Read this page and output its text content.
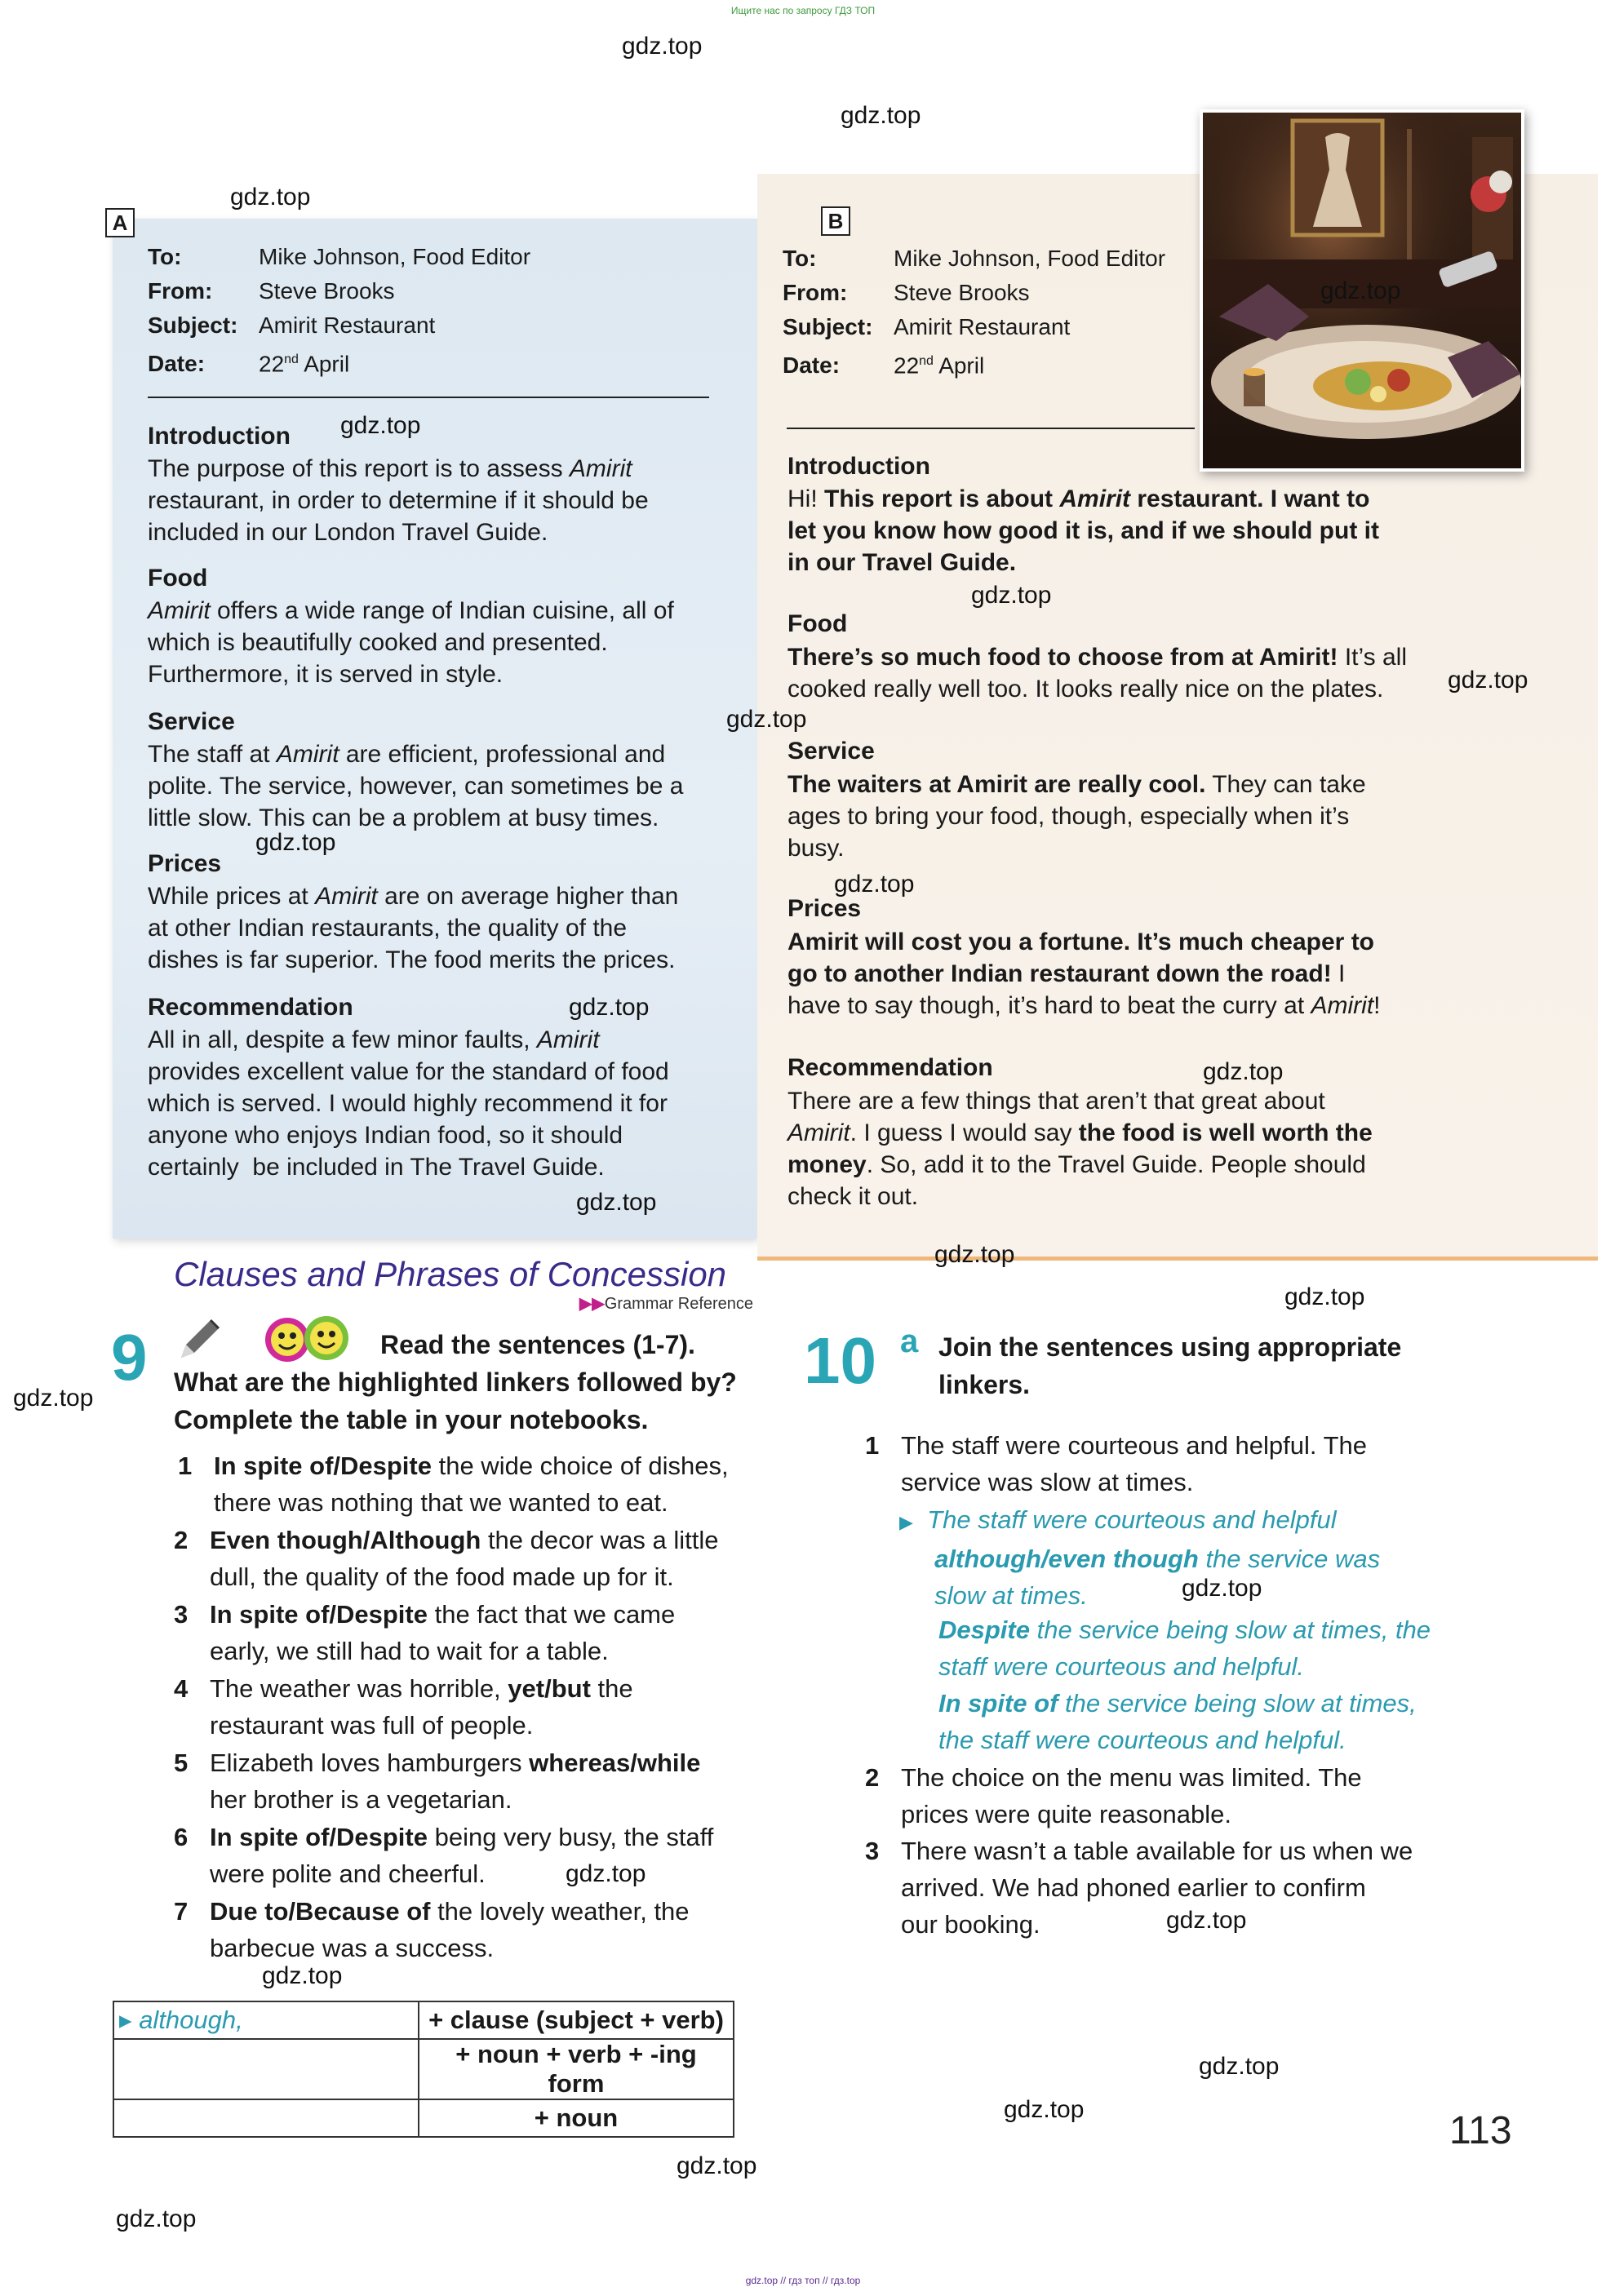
Ищите нас по запросу ГДЗ ТОП
A
To:	Mike Johnson, Food Editor
From: Steve Brooks
Subject: Amirit Restaurant
Date: 22nd April
Introduction
The purpose of this report is to assess Amirit
restaurant, in order to determine if it should be
included in our London Travel Guide.
Food
Amirit offers a wide range of Indian cuisine, all of
which is beautifully cooked and presented.
Furthermore, it is served in style.
Service
The staff at Amirit are efficient, professional and
polite. The service, however, can sometimes be a
little slow. This can be a problem at busy times.
Prices
While prices at Amirit are on average higher than
at other Indian restaurants, the quality of the
dishes is far superior. The food merits the prices.
Recommendation
All in all, despite a few minor faults, Amirit
provides excellent value for the standard of food
which is served. I would highly recommend it for
anyone who enjoys Indian food, so it should
certainly  be included in The Travel Guide.
B
To:	Mike Johnson, Food Editor
From: Steve Brooks
Subject: Amirit Restaurant
Date: 22nd April
Introduction
Hi! This report is about Amirit restaurant. I want to
let you know how good it is, and if we should put it
in our Travel Guide.
Food
There’s so much food to choose from at Amirit! It’s all
cooked really well too. It looks really nice on the plates.
Service
The waiters at Amirit are really cool. They can take
ages to bring your food, though, especially when it’s
busy.
Prices
Amirit will cost you a fortune. It’s much cheaper to
go to another Indian restaurant down the road! I
have to say though, it’s hard to beat the curry at Amirit!
Recommendation
There are a few things that aren’t that great about
Amirit. I guess I would say the food is well worth the
money. So, add it to the Travel Guide. People should
check it out.
Clauses and Phrases of Concession
▶▶Grammar Reference
9	Read the sentences (1-7).
What are the highlighted linkers followed by?
Complete the table in your notebooks.
1 In spite of/Despite the wide choice of dishes,
there was nothing that we wanted to eat.
2 Even though/Although the decor was a little
dull, the quality of the food made up for it.
3 In spite of/Despite the fact that we came
early, we still had to wait for a table.
4 The weather was horrible, yet/but the
restaurant was full of people.
5 Elizabeth loves hamburgers whereas/while
her brother is a vegetarian.
6 In spite of/Despite being very busy, the staff
were polite and cheerful.
7 Due to/Because of the lovely weather, the
barbecue was a success.
▸ although,	+ clause (subject + verb)
	+ noun + verb + -ing form
	+ noun
10 a Join the sentences using appropriate
linkers.
1 The staff were courteous and helpful. The
service was slow at times.
▶  The staff were courteous and helpful
although/even though the service was
slow at times.
Despite the service being slow at times, the
staff were courteous and helpful.
In spite of the service being slow at times,
the staff were courteous and helpful.
2 The choice on the menu was limited. The
prices were quite reasonable.
3 There wasn’t a table available for us when we
arrived. We had phoned earlier to confirm
our booking.
113
gdz.top
gdz.top
gdz.top
gdz.top
gdz.top
gdz.top
gdz.top
gdz.top
gdz.top
gdz.top
gdz.top
gdz.top
gdz.top
gdz.top
gdz.top
gdz.top
gdz.top
gdz.top
gdz.top
gdz.top
gdz.top
gdz.top
gdz.top
gdz.top
gdz.top // гдз топ // гдз.top
